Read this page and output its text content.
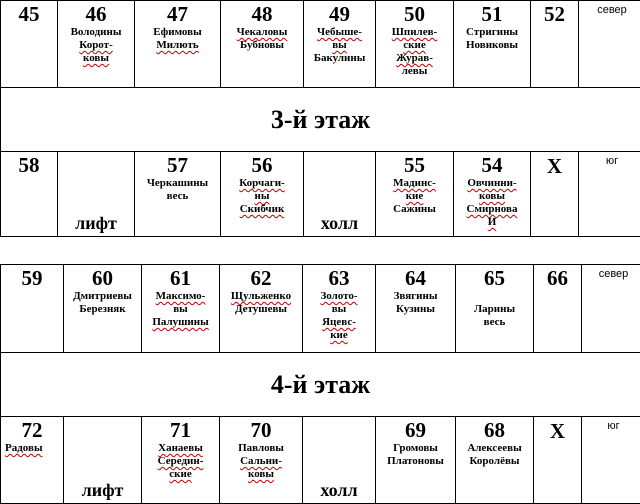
45	46
Володины
Корот-
ковы	47
Ефимовы
Милють	48
Чекаловы
Бубновы	49
Чебыше-
вы
Бакулины	50
Шпилев-
ские
Журав-
левы	51
Стригины
Новиковы	52	север
3-й этаж								

58	лифт	57
Черкашины
весь	56
Корчаги-
ны
Скибчик	холл	55
Мадинс-
кие
Сажины	54
Овчинни-
ковы
Смирнова
И	X	юг
59	60
Дмитриевы
Березняк	61
Максимо-
вы
Палушины	62
Щульженко
Детушевы	63
Золото-
вы
Яцевс-
кие	64
Звягины
Кузины	65
Ларины
весь	66	север
4-й этаж								

72
Радовы	лифт	71
Ханаевы
Середин-
ские	70
Павловы
Сальни-
ковы	холл	69
Громовы
Платоновы	68
Алексеевы
Королёвы	X	юг
